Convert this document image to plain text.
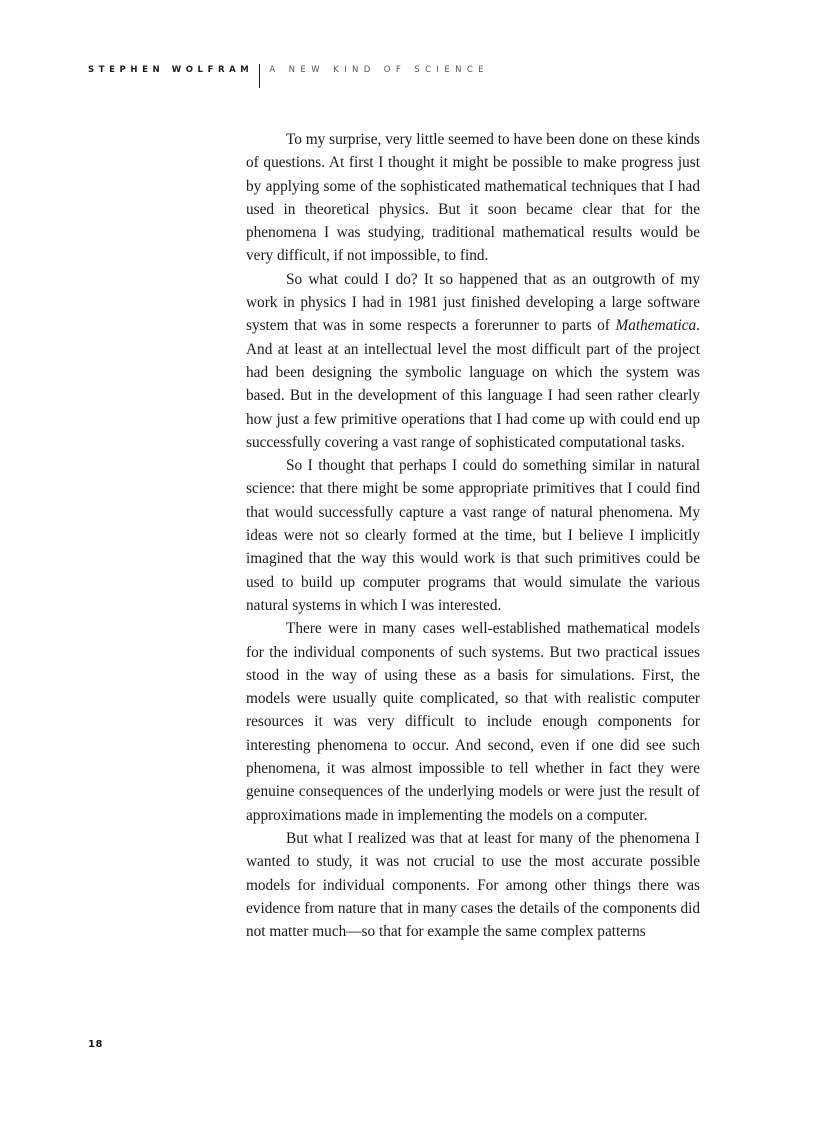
STEPHEN WOLFRAM A NEW KIND OF SCIENCE

To my surprise, very little seemed to have been done on these kinds of questions. At first I thought it might be possible to make progress just by applying some of the sophisticated mathematical techniques that I had used in theoretical physics. But it soon became clear that for the phenomena I was studying, traditional mathematical results would be very difficult, if not impossible, to find.

So what could I do? It so happened that as an outgrowth of my work in physics I had in 1981 just finished developing a large software system that was in some respects a forerunner to parts of Mathematica. And at least at an intellectual level the most difficult part of the project had been designing the symbolic language on which the system was based. But in the development of this language I had seen rather clearly how just a few primitive operations that I had come up with could end up successfully covering a vast range of sophisticated computational tasks.

So I thought that perhaps I could do something similar in natural science: that there might be some appropriate primitives that I could find that would successfully capture a vast range of natural phenomena. My ideas were not so clearly formed at the time, but I believe I implicitly imagined that the way this would work is that such primitives could be used to build up computer programs that would simulate the various natural systems in which I was interested.

There were in many cases well-established mathematical models for the individual components of such systems. But two practical issues stood in the way of using these as a basis for simulations. First, the models were usually quite complicated, so that with realistic computer resources it was very difficult to include enough components for interesting phenomena to occur. And second, even if one did see such phenomena, it was almost impossible to tell whether in fact they were genuine consequences of the underlying models or were just the result of approximations made in implementing the models on a computer.

But what I realized was that at least for many of the phenomena I wanted to study, it was not crucial to use the most accurate possible models for individual components. For among other things there was evidence from nature that in many cases the details of the components did not matter much—so that for example the same complex patterns

18
